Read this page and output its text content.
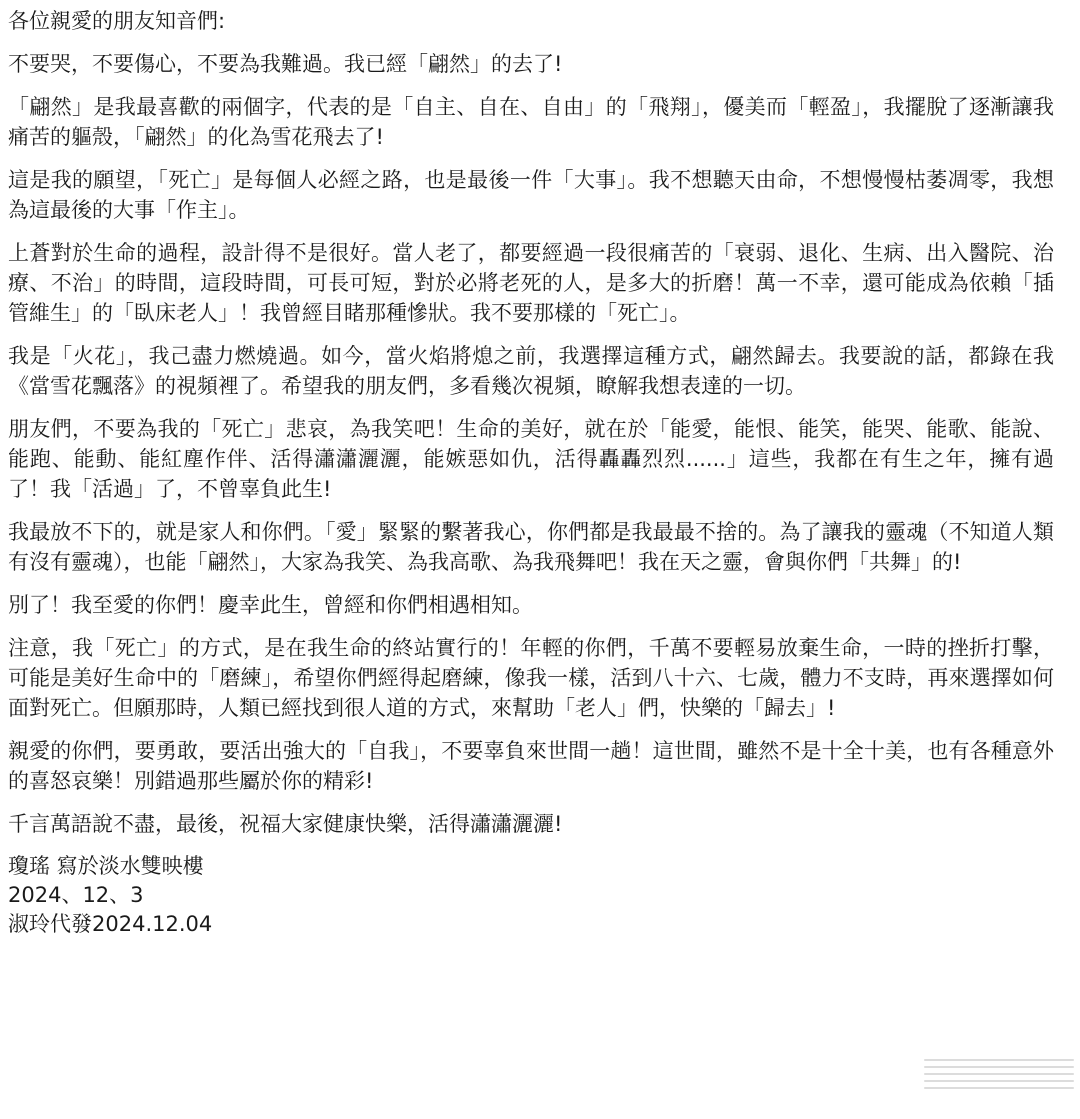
各位親愛的朋友知音們:

不要哭，不要傷心，不要為我難過。我已經「翩然」的去了!

「翩然」是我最喜歡的兩個字，代表的是「自主、自在、自由」的「飛翔」，優美而「輕盈」，我擺脫了逐漸讓我痛苦的軀殼，「翩然」的化為雪花飛去了!

這是我的願望，「死亡」是每個人必經之路，也是最後一件「大事」。我不想聽天由命，不想慢慢枯萎凋零，我想為這最後的大事「作主」。

上蒼對於生命的過程，設計得不是很好。當人老了，都要經過一段很痛苦的「衰弱、退化、生病、出入醫院、治療、不治」的時間，這段時間，可長可短，對於必將老死的人，是多大的折磨！萬一不幸，還可能成為依賴「插管維生」的「臥床老人」！我曾經目睹那種慘狀。我不要那樣的「死亡」。

我是「火花」，我己盡力燃燒過。如今，當火焰將熄之前，我選擇這種方式，翩然歸去。我要說的話，都錄在我《當雪花飄落》的視頻裡了。希望我的朋友們，多看幾次視頻，瞭解我想表達的一切。

朋友們，不要為我的「死亡」悲哀，為我笑吧！生命的美好，就在於「能愛，能恨、能笑，能哭、能歌、能說、能跑、能動、能紅塵作伴、活得瀟瀟灑灑，能嫉惡如仇，活得轟轟烈烈......」這些，我都在有生之年，擁有過了！我「活過」了，不曾辜負此生!

我最放不下的，就是家人和你們。「愛」緊緊的繫著我心，你們都是我最最不捨的。為了讓我的靈魂（不知道人類有沒有靈魂），也能「翩然」，大家為我笑、為我高歌、為我飛舞吧！我在天之靈，會與你們「共舞」的!

別了！我至愛的你們！慶幸此生，曾經和你們相遇相知。

注意，我「死亡」的方式，是在我生命的終站實行的！年輕的你們，千萬不要輕易放棄生命，一時的挫折打擊，可能是美好生命中的「磨練」，希望你們經得起磨練，像我一樣，活到八十六、七歲，體力不支時，再來選擇如何面對死亡。但願那時，人類已經找到很人道的方式，來幫助「老人」們，快樂的「歸去」!

親愛的你們，要勇敢，要活出強大的「自我」，不要辜負來世間一趟！這世間，雖然不是十全十美，也有各種意外的喜怒哀樂！別錯過那些屬於你的精彩!

千言萬語說不盡，最後，祝福大家健康快樂，活得瀟瀟灑灑!

瓊瑤 寫於淡水雙映樓

2024、12、3

淑玲代發2024.12.04
